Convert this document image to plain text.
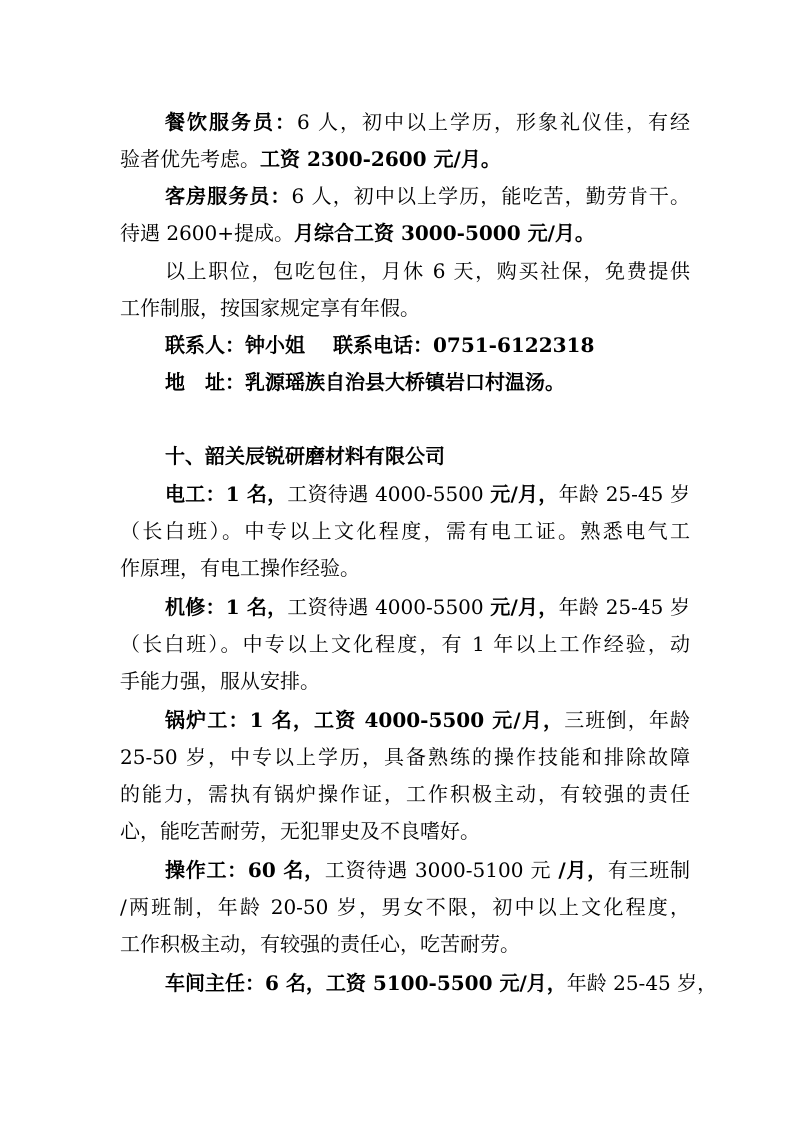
餐饮服务员：6 人，初中以上学历，形象礼仪佳，有经
验者优先考虑。工资 2300-2600 元/月。
客房服务员：6 人，初中以上学历，能吃苦，勤劳肯干。
待遇 2600+提成。月综合工资 3000-5000 元/月。
以上职位，包吃包住，月休 6 天，购买社保，免费提供
工作制服，按国家规定享有年假。
联系人：钟小姐 联系电话：0751-6122318
地 址：乳源瑶族自治县大桥镇岩口村温汤。
十、韶关辰锐研磨材料有限公司
电工：1 名，工资待遇 4000-5500 元/月，年龄 25-45 岁
（长白班）。中专以上文化程度，需有电工证。熟悉电气工
作原理，有电工操作经验。
机修：1 名，工资待遇 4000-5500 元/月，年龄 25-45 岁
（长白班）。中专以上文化程度，有 1 年以上工作经验，动
手能力强，服从安排。
锅炉工：1 名，工资 4000-5500 元/月，三班倒，年龄
25-50 岁，中专以上学历，具备熟练的操作技能和排除故障
的能力，需执有锅炉操作证，工作积极主动，有较强的责任
心，能吃苦耐劳，无犯罪史及不良嗜好。
操作工：60 名，工资待遇 3000-5100 元 /月，有三班制
/两班制，年龄 20-50 岁，男女不限，初中以上文化程度，
工作积极主动，有较强的责任心，吃苦耐劳。
车间主任：6 名，工资 5100-5500 元/月，年龄 25-45 岁，
